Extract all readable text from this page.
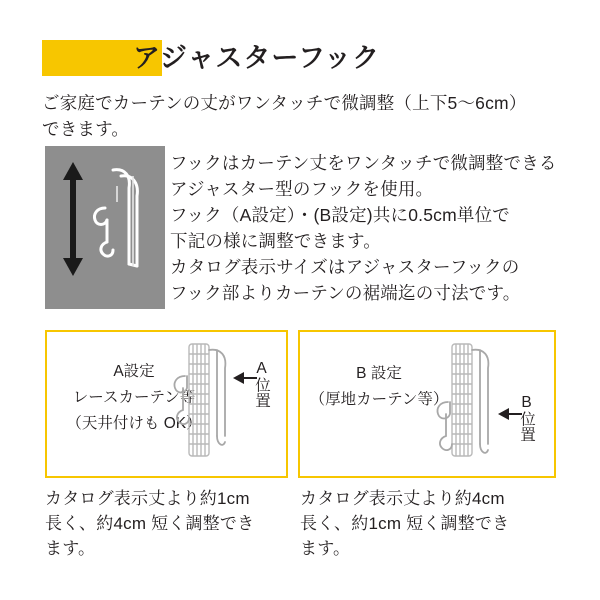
アジャスターフック
ご家庭でカーテンの丈がワンタッチで微調整（上下5〜6cm）
できます。
フックはカーテン丈をワンタッチで微調整できる
アジャスター型のフックを使用。
フック（A設定）・(B設定)共に0.5cm単位で
下記の様に調整できます。
カタログ表示サイズはアジャスターフックの
フック部よりカーテンの裾端迄の寸法です。
A設定
レースカーテン等
（天井付けも OK）
A位置	B 設定
（厚地カーテン等）	B位置
カタログ表示丈より約1cm
長く、約4cm 短く調整でき
ます。
カタログ表示丈より約4cm
長く、約1cm 短く調整でき
ます。
